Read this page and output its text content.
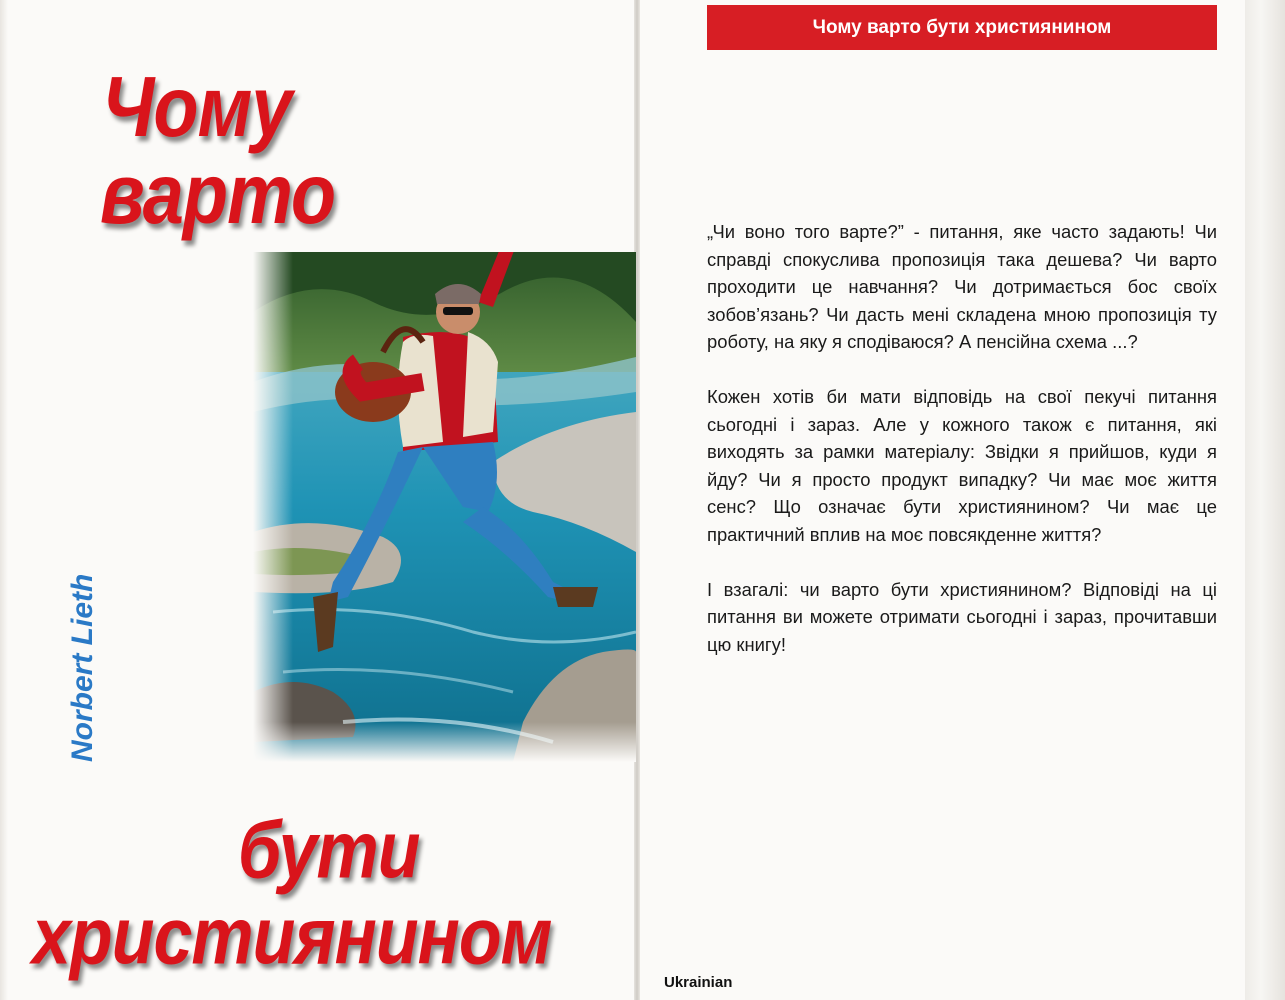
Чому
варто
бути
християнином
Norbert Lieth
Чому варто бути християнином

„Чи воно того варте?” - питання, яке часто задають! Чи справді спокуслива пропозиція така дешева? Чи варто проходити це навчання? Чи дотримається бос своїх зобов’язань? Чи дасть мені складена мною пропозиція ту роботу, на яку я сподіваюся? А пенсійна схема ...?

Кожен хотів би мати відповідь на свої пекучі питання сьогодні і зараз. Але у кожного також є питання, які виходять за рамки матеріалу: Звідки я прийшов, куди я йду? Чи я просто продукт випадку? Чи має моє життя сенс? Що означає бути християнином? Чи має це практичний вплив на моє повсякденне життя?

І взагалі: чи варто бути християнином? Відповіді на ці питання ви можете отримати сьогодні і зараз, прочитавши цю книгу!

Ukrainian
